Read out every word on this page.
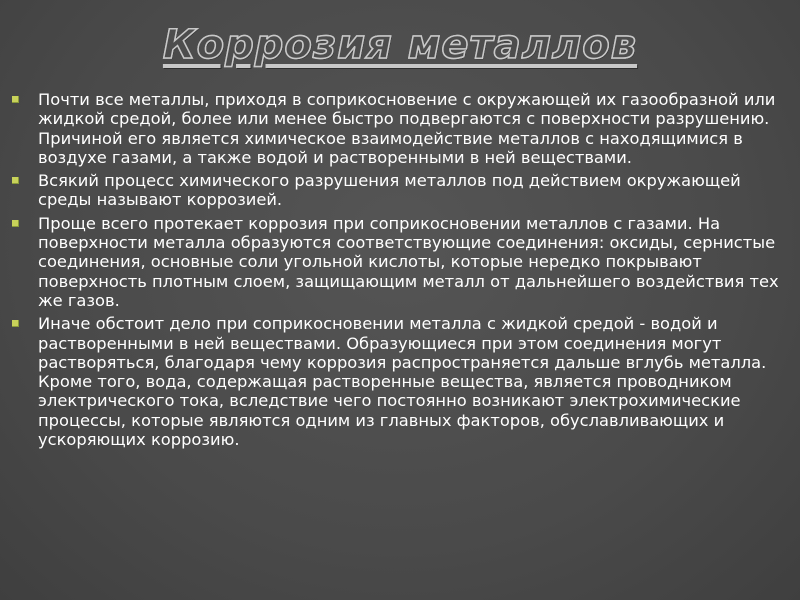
Коррозия металлов
Почти все металлы, приходя в соприкосновение с окружающей их газообразной или жидкой средой, более или менее быстро подвергаются с поверхности разрушению. Причиной его является химическое взаимодействие металлов с находящимися в воздухе газами, а также водой и растворенными в ней веществами.
Всякий процесс химического разрушения металлов под действием окружающей среды называют коррозией.
Проще всего протекает коррозия при соприкосновении металлов с газами. На поверхности металла образуются соответствующие соединения: оксиды, сернистые соединения, основные соли угольной кислоты, которые нередко покрывают поверхность плотным слоем, защищающим металл от дальнейшего воздействия тех же газов.
Иначе обстоит дело при соприкосновении металла с жидкой средой - водой и растворенными в ней веществами. Образующиеся при этом соединения могут растворяться, благодаря чему коррозия распространяется дальше вглубь металла. Кроме того, вода, содержащая растворенные вещества, является проводником электрического тока, вследствие чего постоянно возникают электрохимические процессы, которые являются одним из главных факторов, обуславливающих и ускоряющих коррозию.
